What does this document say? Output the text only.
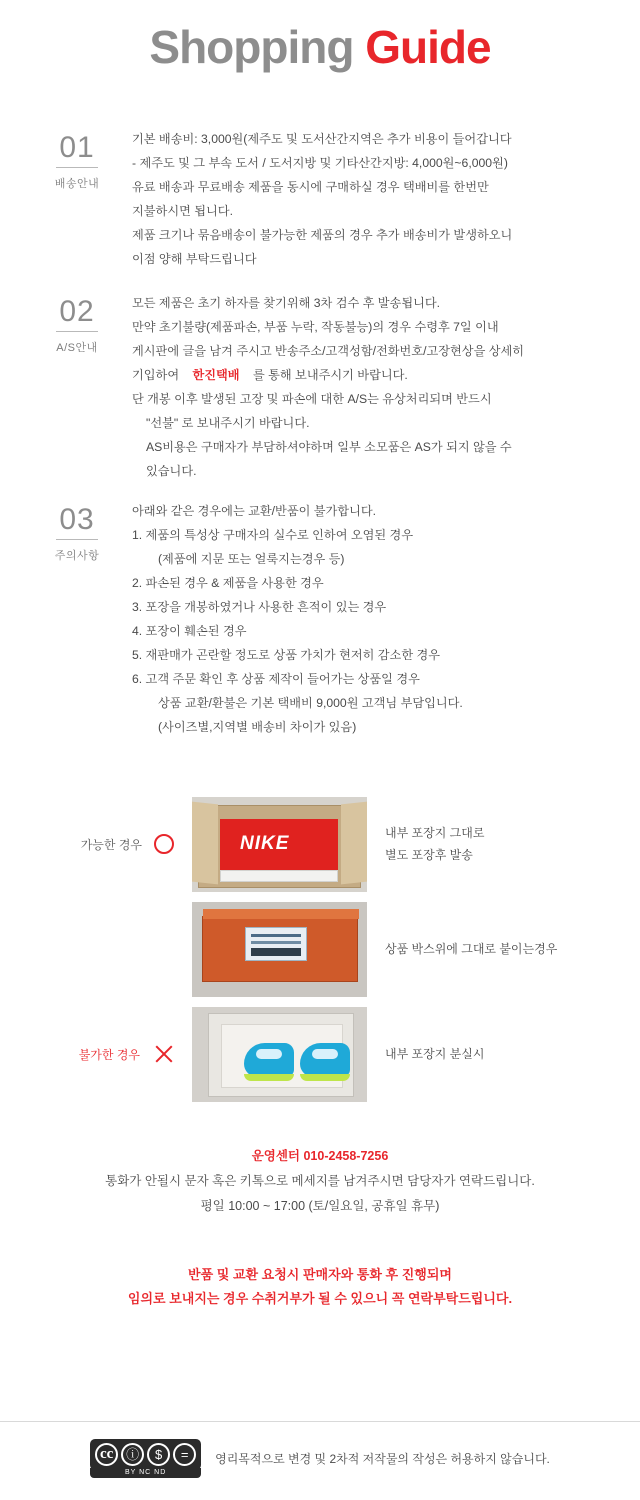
Shopping Guide
01
배송안내

기본 배송비: 3,000원(제주도 및 도서산간지역은 추가 비용이 들어갑니다

- 제주도 및 그 부속 도서 / 도서지방 및 기타산간지방: 4,000원~6,000원)

유료 배송과 무료배송 제품을 동시에 구매하실 경우 택배비를 한번만

지불하시면 됩니다.

제품 크기나 묶음배송이 불가능한 제품의 경우 추가 배송비가 발생하오니

이점 양해 부탁드립니다

02
A/S안내

모든 제품은 초기 하자를 찾기위해 3차 검수 후 발송됩니다.

만약 초기불량(제품파손, 부품 누락, 작동불능)의 경우 수령후 7일 이내

게시판에 글을 남겨 주시고 반송주소/고객성함/전화번호/고장현상을 상세히

기입하여 한진택배 를 통해 보내주시기 바랍니다.

단 개봉 이후 발생된 고장 및 파손에 대한 A/S는 유상처리되며 반드시

"선불" 로 보내주시기 바랍니다.

AS비용은 구매자가 부담하셔야하며 일부 소모품은 AS가 되지 않을 수

있습니다.

03
주의사항

아래와 같은 경우에는 교환/반품이 불가합니다.

1. 제품의 특성상 구매자의 실수로 인하여 오염된 경우

(제품에 지문 또는 얼룩지는경우 등)

2. 파손된 경우 & 제품을 사용한 경우

3. 포장을 개봉하였거나 사용한 흔적이 있는 경우

4. 포장이 훼손된 경우

5. 재판매가 곤란할 정도로 상품 가치가 현저히 감소한 경우

6. 고객 주문 확인 후 상품 제작이 들어가는 상품일 경우

상품 교환/환불은 기본 택배비 9,000원 고객님 부담입니다.

(사이즈별,지역별 배송비 차이가 있음)

가능한 경우	NIKE	내부 포장지 그대로
별도 포장후 발송
상품 박스위에 그대로 붙이는경우
불가한 경우	내부 포장지 분실시
운영센터 010-2458-7256
통화가 안될시 문자 혹은 키톡으로 메세지를 남겨주시면 담당자가 연락드립니다.
평일 10:00 ~ 17:00 (토/일요일, 공휴일 휴무)
반품 및 교환 요청시 판매자와 통화 후 진행되며
임의로 보내지는 경우 수취거부가 될 수 있으니 꼭 연락부탁드립니다.
cc ⓘ	$	=
BY NC ND
영리목적으로 변경 및 2차적 저작물의 작성은 허용하지 않습니다.
